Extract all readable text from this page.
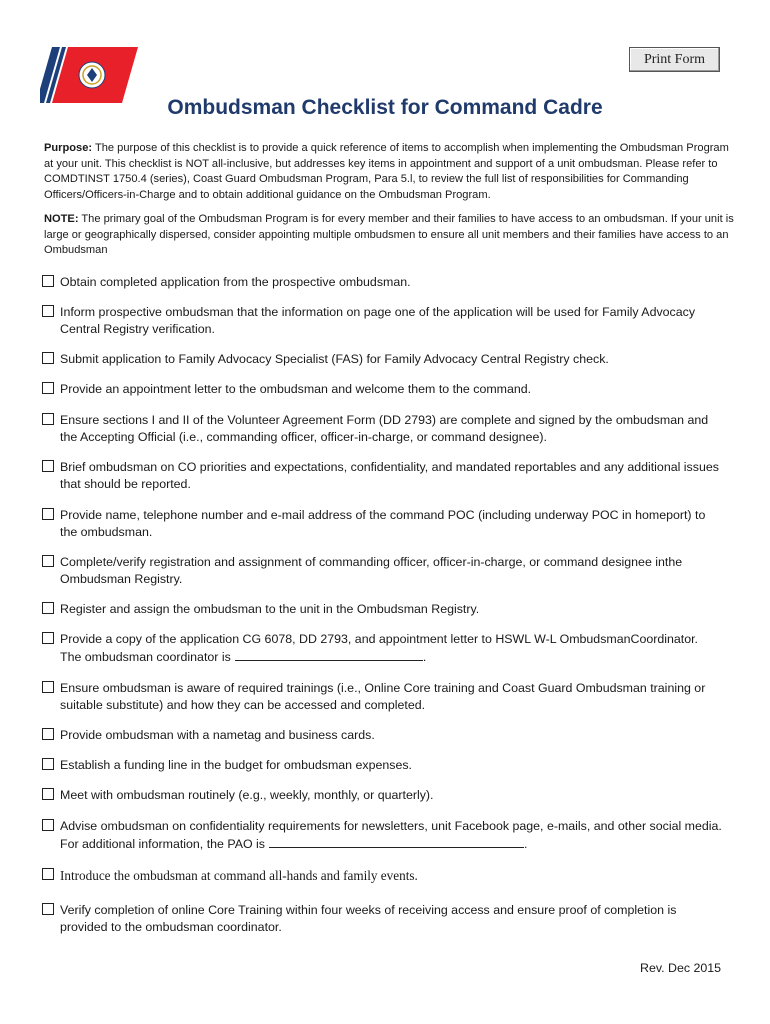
Print Form
Ombudsman Checklist for Command Cadre

Purpose: The purpose of this checklist is to provide a quick reference of items to accomplish when implementing the Ombudsman Program at your unit. This checklist is NOT all-inclusive, but addresses key items in appointment and support of a unit ombudsman. Please refer to COMDTINST 1750.4 (series), Coast Guard Ombudsman Program, Para 5.l, to review the full list of responsibilities for Commanding Officers/Officers-in-Charge and to obtain additional guidance on the Ombudsman Program.

NOTE: The primary goal of the Ombudsman Program is for every member and their families to have access to an ombudsman. If your unit is large or geographically dispersed, consider appointing multiple ombudsmen to ensure all unit members and their families have access to an Ombudsman

Obtain completed application from the prospective ombudsman.
Inform prospective ombudsman that the information on page one of the application will be used for Family Advocacy Central Registry verification.
Submit application to Family Advocacy Specialist (FAS) for Family Advocacy Central Registry check.
Provide an appointment letter to the ombudsman and welcome them to the command.
Ensure sections I and II of the Volunteer Agreement Form (DD 2793) are complete and signed by the ombudsman and the Accepting Official (i.e., commanding officer, officer-in-charge, or command designee).
Brief ombudsman on CO priorities and expectations, confidentiality, and mandated reportables and any additional issues that should be reported.
Provide name, telephone number and e-mail address of the command POC (including underway POC in homeport) to the ombudsman.
Complete/verify registration and assignment of commanding officer, officer-in-charge, or command designee inthe Ombudsman Registry.
Register and assign the ombudsman to the unit in the Ombudsman Registry.
Provide a copy of the application CG 6078, DD 2793, and appointment letter to HSWL W-L OmbudsmanCoordinator. The ombudsman coordinator is	.
Ensure ombudsman is aware of required trainings (i.e., Online Core training and Coast Guard Ombudsman training or suitable substitute) and how they can be accessed and completed.
Provide ombudsman with a nametag and business cards.
Establish a funding line in the budget for ombudsman expenses.
Meet with ombudsman routinely (e.g., weekly, monthly, or quarterly).
Advise ombudsman on confidentiality requirements for newsletters, unit Facebook page, e-mails, and other social media. For additional information, the PAO is	.
Introduce the ombudsman at command all-hands and family events.
Verify completion of online Core Training within four weeks of receiving access and ensure proof of completion is provided to the ombudsman coordinator.
Rev. Dec 2015
